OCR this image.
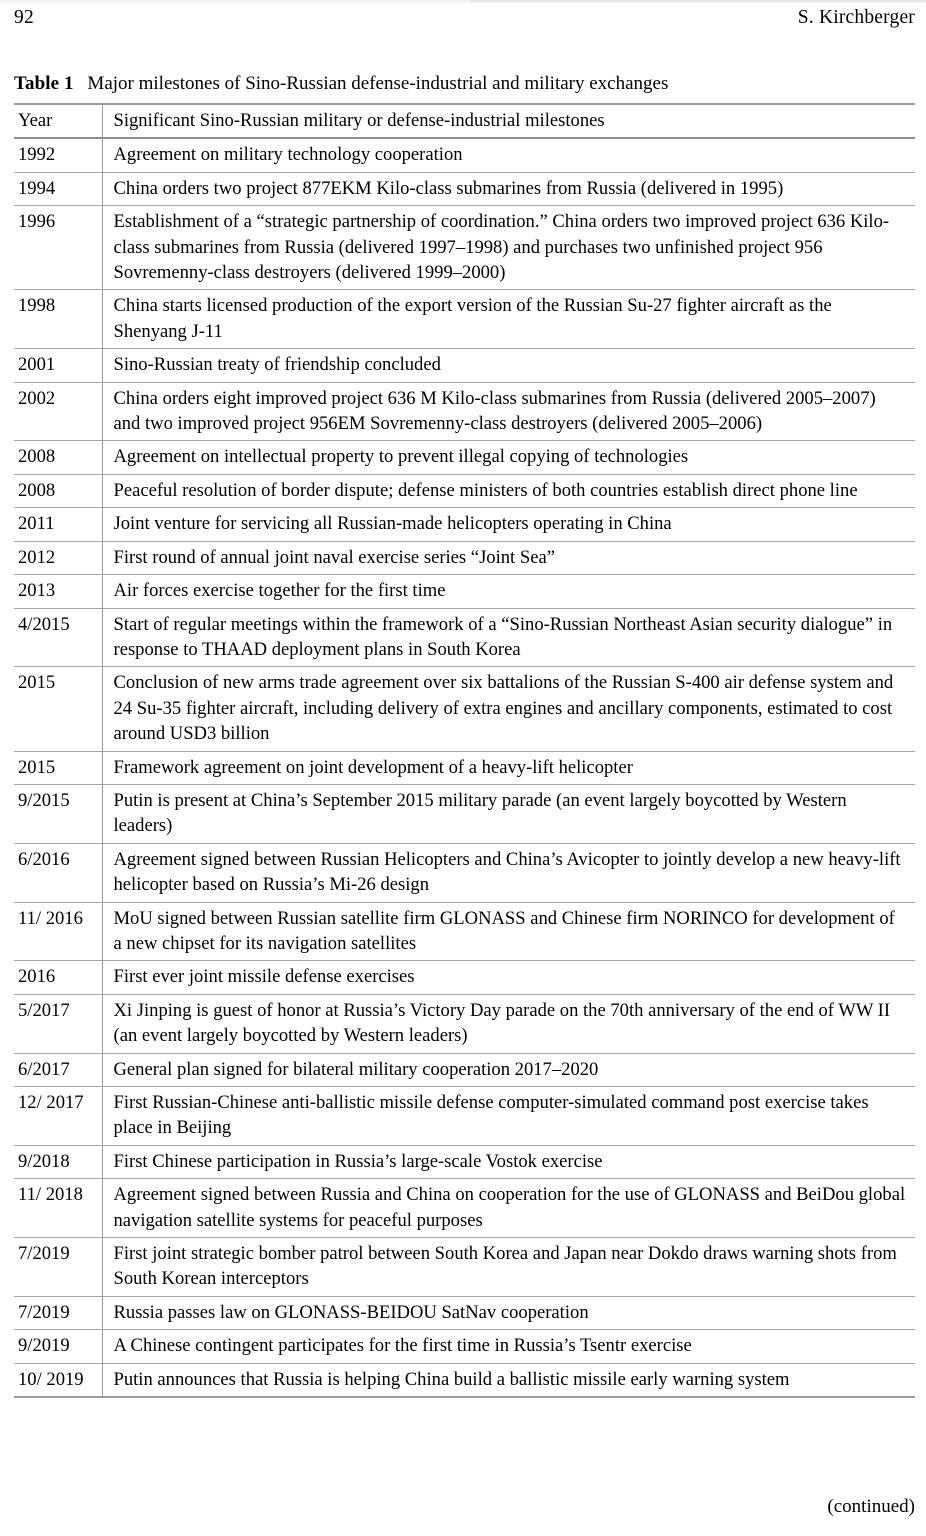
92	S. Kirchberger
Table 1 Major milestones of Sino-Russian defense-industrial and military exchanges
Year	Significant Sino-Russian military or defense-industrial milestones
1992	Agreement on military technology cooperation
1994	China orders two project 877EKM Kilo-class submarines from Russia (delivered in 1995)
1996	Establishment of a “strategic partnership of coordination.” China orders two improved project 636 Kilo-class submarines from Russia (delivered 1997–1998) and purchases two unfinished project 956 Sovremenny-class destroyers (delivered 1999–2000)
1998	China starts licensed production of the export version of the Russian Su-27 fighter aircraft as the Shenyang J-11
2001	Sino-Russian treaty of friendship concluded
2002	China orders eight improved project 636 M Kilo-class submarines from Russia (delivered 2005–2007) and two improved project 956EM Sovremenny-class destroyers (delivered 2005–2006)
2008	Agreement on intellectual property to prevent illegal copying of technologies
2008	Peaceful resolution of border dispute; defense ministers of both countries establish direct phone line
2011	Joint venture for servicing all Russian-made helicopters operating in China
2012	First round of annual joint naval exercise series “Joint Sea”
2013	Air forces exercise together for the first time
4/2015	Start of regular meetings within the framework of a “Sino-Russian Northeast Asian security dialogue” in response to THAAD deployment plans in South Korea
2015	Conclusion of new arms trade agreement over six battalions of the Russian S-400 air defense system and 24 Su-35 fighter aircraft, including delivery of extra engines and ancillary components, estimated to cost around USD3 billion
2015	Framework agreement on joint development of a heavy-lift helicopter
9/2015	Putin is present at China’s September 2015 military parade (an event largely boycotted by Western leaders)
6/2016	Agreement signed between Russian Helicopters and China’s Avicopter to jointly develop a new heavy-lift helicopter based on Russia’s Mi-26 design
11/ 2016	MoU signed between Russian satellite firm GLONASS and Chinese firm NORINCO for development of a new chipset for its navigation satellites
2016	First ever joint missile defense exercises
5/2017	Xi Jinping is guest of honor at Russia’s Victory Day parade on the 70th anniversary of the end of WW II (an event largely boycotted by Western leaders)
6/2017	General plan signed for bilateral military cooperation 2017–2020
12/ 2017	First Russian-Chinese anti-ballistic missile defense computer-simulated command post exercise takes place in Beijing
9/2018	First Chinese participation in Russia’s large-scale Vostok exercise
11/ 2018	Agreement signed between Russia and China on cooperation for the use of GLONASS and BeiDou global navigation satellite systems for peaceful purposes
7/2019	First joint strategic bomber patrol between South Korea and Japan near Dokdo draws warning shots from South Korean interceptors
7/2019	Russia passes law on GLONASS-BEIDOU SatNav cooperation
9/2019	A Chinese contingent participates for the first time in Russia’s Tsentr exercise
10/ 2019	Putin announces that Russia is helping China build a ballistic missile early warning system
(continued)
